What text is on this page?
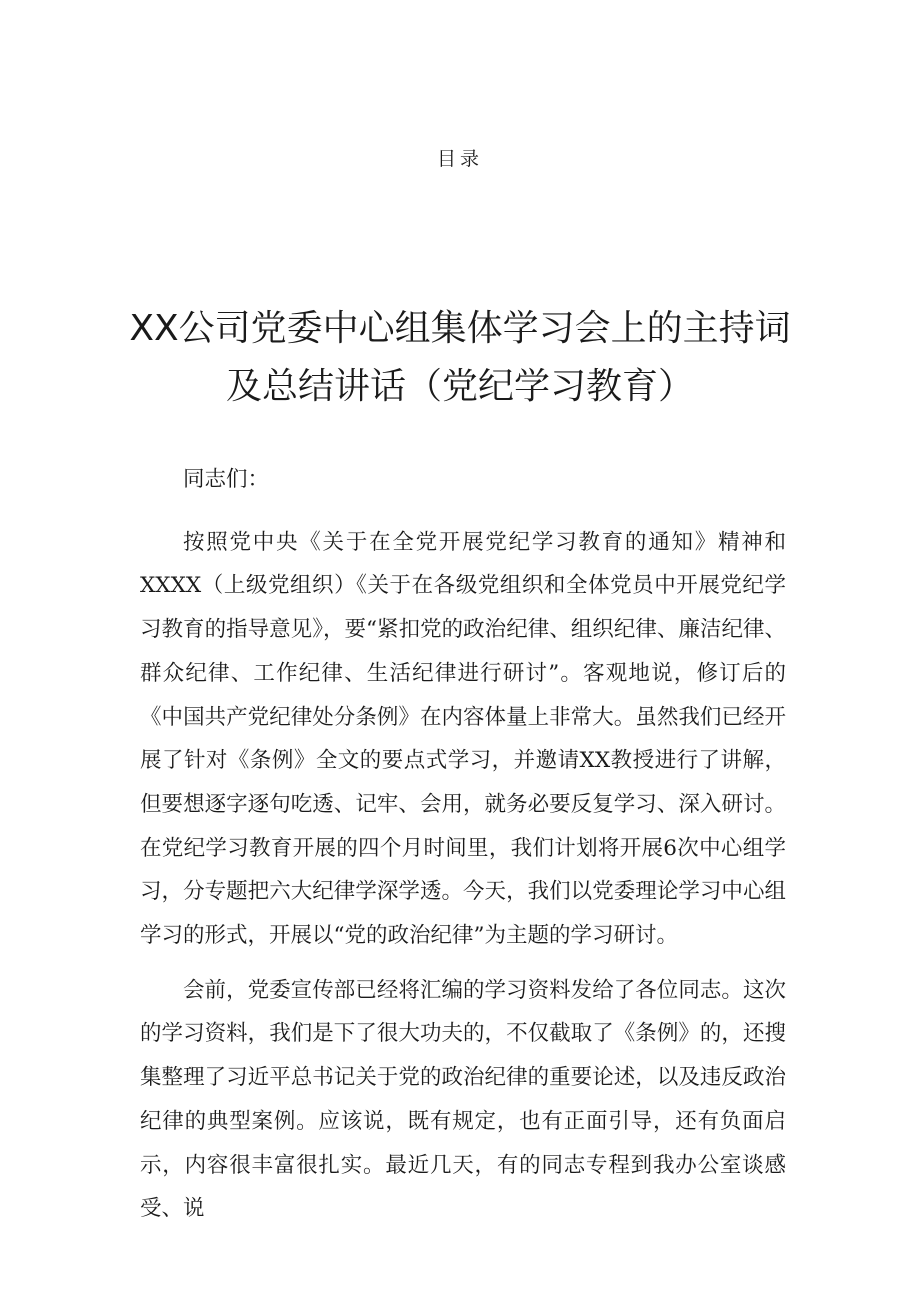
目录
XX公司党委中心组集体学习会上的主持词
及总结讲话（党纪学习教育）

同志们：

按照党中央《关于在全党开展党纪学习教育的通知》精神和XXXX（上级党组织）《关于在各级党组织和全体党员中开展党纪学习教育的指导意见》，要“紧扣党的政治纪律、组织纪律、廉洁纪律、群众纪律、工作纪律、生活纪律进行研讨”。客观地说，修订后的《中国共产党纪律处分条例》在内容体量上非常大。虽然我们已经开展了针对《条例》全文的要点式学习，并邀请XX教授进行了讲解，但要想逐字逐句吃透、记牢、会用，就务必要反复学习、深入研讨。在党纪学习教育开展的四个月时间里，我们计划将开展6次中心组学习，分专题把六大纪律学深学透。今天，我们以党委理论学习中心组学习的形式，开展以“党的政治纪律”为主题的学习研讨。

会前，党委宣传部已经将汇编的学习资料发给了各位同志。这次的学习资料，我们是下了很大功夫的，不仅截取了《条例》的，还搜集整理了习近平总书记关于党的政治纪律的重要论述，以及违反政治纪律的典型案例。应该说，既有规定，也有正面引导，还有负面启示，内容很丰富很扎实。最近几天，有的同志专程到我办公室谈感受、说
